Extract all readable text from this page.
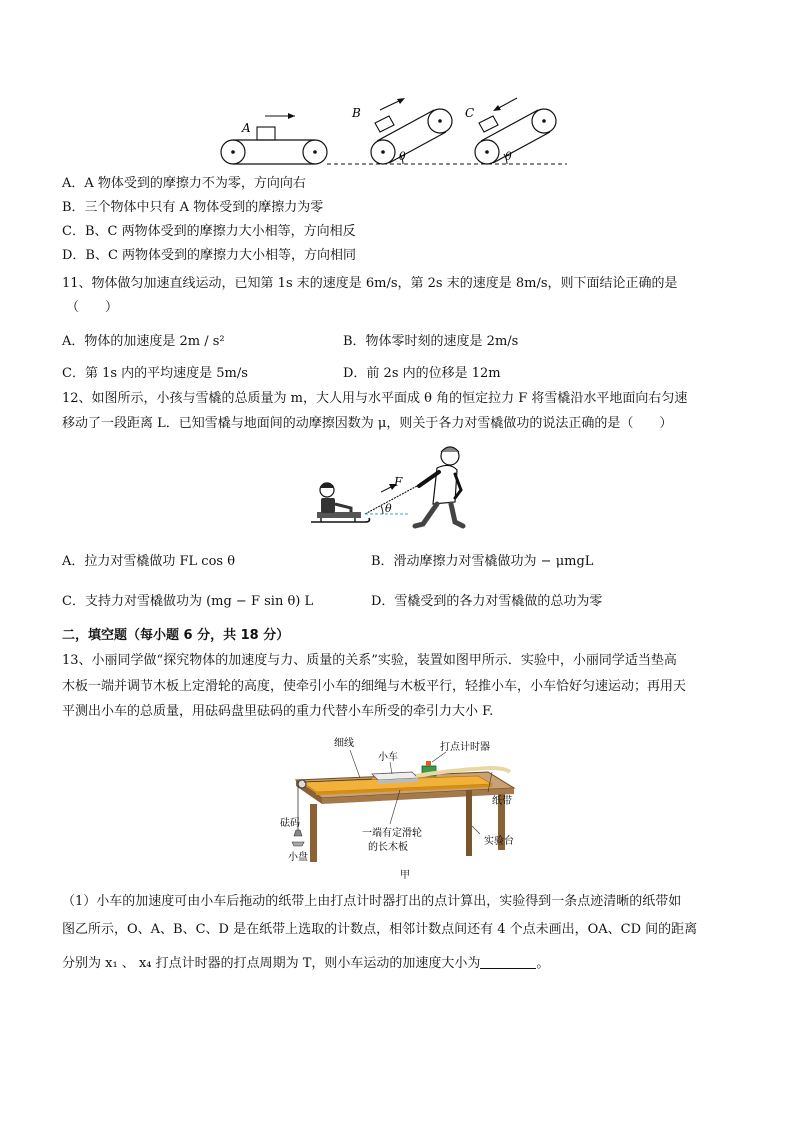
A
B
θ
C
θ
A．A 物体受到的摩擦力不为零，方向向右
B．三个物体中只有 A 物体受到的摩擦力为零
C．B、C 两物体受到的摩擦力大小相等，方向相反
D．B、C 两物体受到的摩擦力大小相等，方向相同
11、物体做匀加速直线运动，已知第 1s 末的速度是 6m/s，第 2s 末的速度是 8m/s，则下面结论正确的是
（　　）
A．物体的加速度是 2m / s²	B．物体零时刻的速度是 2m/s
C．第 1s 内的平均速度是 5m/s	D．前 2s 内的位移是 12m
12、如图所示，小孩与雪橇的总质量为 m，大人用与水平面成 θ 角的恒定拉力 F 将雪橇沿水平地面向右匀速
移动了一段距离 L．已知雪橇与地面间的动摩擦因数为 μ，则关于各力对雪橇做功的说法正确的是（　　）
F
θ
A．拉力对雪橇做功 FL cos θ	B．滑动摩擦力对雪橇做功为 − μmgL
C．支持力对雪橇做功为 (mg − F sin θ) L	D．雪橇受到的各力对雪橇做的总功为零
二，填空题（每小题 6 分，共 18 分）
13、小丽同学做“探究物体的加速度与力、质量的关系”实验，装置如图甲所示．实验中，小丽同学适当垫高
木板一端并调节木板上定滑轮的高度，使牵引小车的细绳与木板平行，轻推小车，小车恰好匀速运动；再用天
平测出小车的总质量，用砝码盘里砝码的重力代替小车所受的牵引力大小 F.
细线
小车
打点计时器
纸带
砝码
小盘
一端有定滑轮
的长木板
实验台
甲
（1）小车的加速度可由小车后拖动的纸带上由打点计时器打出的点计算出，实验得到一条点迹清晰的纸带如
图乙所示，O、A、B、C、D 是在纸带上选取的计数点，相邻计数点间还有 4 个点未画出，OA、CD 间的距离
分别为 x₁ 、 x₄ 打点计时器的打点周期为 T，则小车运动的加速度大小为	。
